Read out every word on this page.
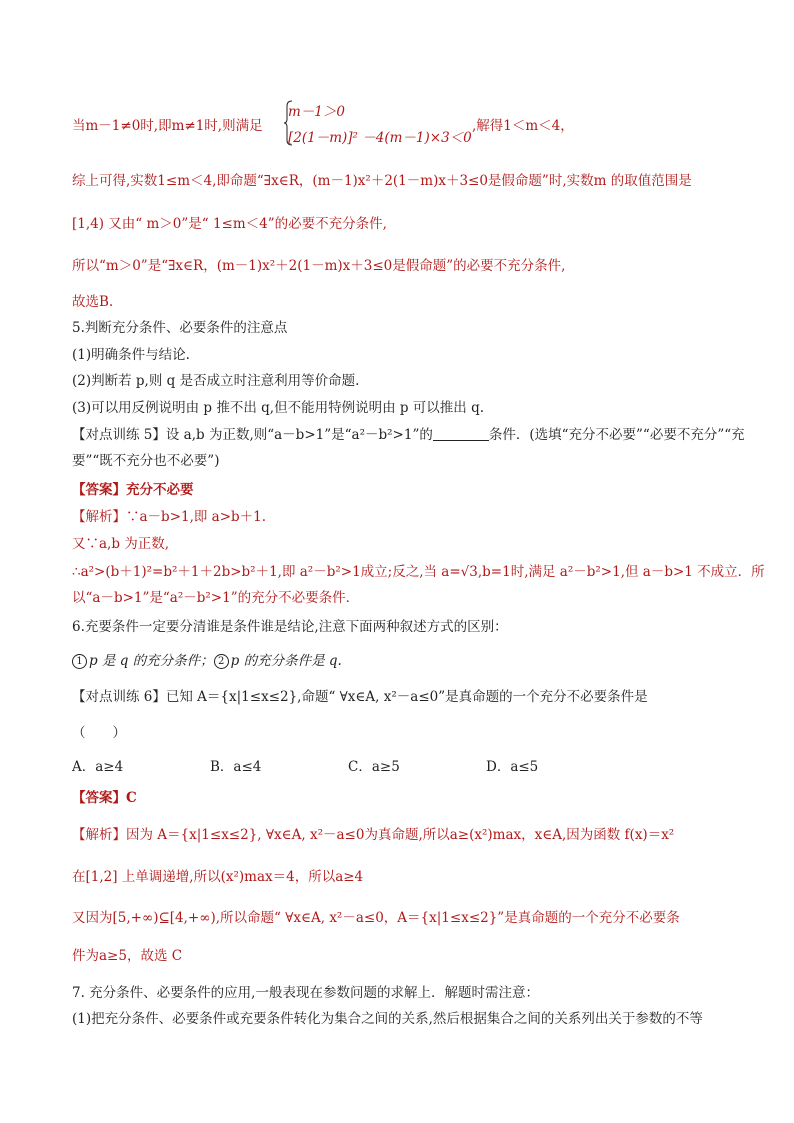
当m－1≠0时,即m≠1时,则满足
m－1＞0
[2(1－m)]² －4(m－1)×3＜0
,解得1＜m＜4，
综上可得,实数1≤m＜4,即命题“∃x∈R，(m－1)x²＋2(1－m)x＋3≤0是假命题”时,实数m 的取值范围是
[1,4) 又由“ m＞0”是“ 1≤m＜4”的必要不充分条件,
所以“m＞0”是“∃x∈R，(m－1)x²＋2(1－m)x＋3≤0是假命题”的必要不充分条件,
故选B.
5.判断充分条件、必要条件的注意点
(1)明确条件与结论.
(2)判断若 p,则 q 是否成立时注意利用等价命题.
(3)可以用反例说明由 p 推不出 q,但不能用特例说明由 p 可以推出 q.
【对点训练 5】设 a,b 为正数,则“a－b>1”是“a²－b²>1”的	条件．(选填“充分不必要”“必要不充分”“充
要”“既不充分也不必要”)
【答案】充分不必要
【解析】∵a－b>1,即 a>b＋1.
又∵a,b 为正数,
∴a²>(b＋1)²=b²＋1＋2b>b²＋1,即 a²－b²>1成立;反之,当 a=√3,b=1时,满足 a²－b²>1,但 a－b>1 不成立．所
以“a－b>1”是“a²－b²>1”的充分不必要条件．
6.充要条件一定要分清谁是条件谁是结论,注意下面两种叙述方式的区别：
1 p 是 q 的充分条件； 2 p 的充分条件是 q.
【对点训练 6】已知 A＝{x|1≤x≤2},命题“ ∀x∈A, x²－a≤0”是真命题的一个充分不必要条件是
（　　）
A．a≥4	B．a≤4	C．a≥5	D．a≤5
【答案】C
【解析】因为 A＝{x|1≤x≤2}, ∀x∈A, x²－a≤0为真命题,所以a≥(x²)max，x∈A,因为函数 f(x)＝x²
在[1,2] 上单调递增,所以(x²)max＝4，所以a≥4
又因为[5,+∞)⊆[4,+∞),所以命题“ ∀x∈A, x²－a≤0，A＝{x|1≤x≤2}”是真命题的一个充分不必要条
件为a≥5，故选 C
7. 充分条件、必要条件的应用,一般表现在参数问题的求解上．解题时需注意：
(1)把充分条件、必要条件或充要条件转化为集合之间的关系,然后根据集合之间的关系列出关于参数的不等
